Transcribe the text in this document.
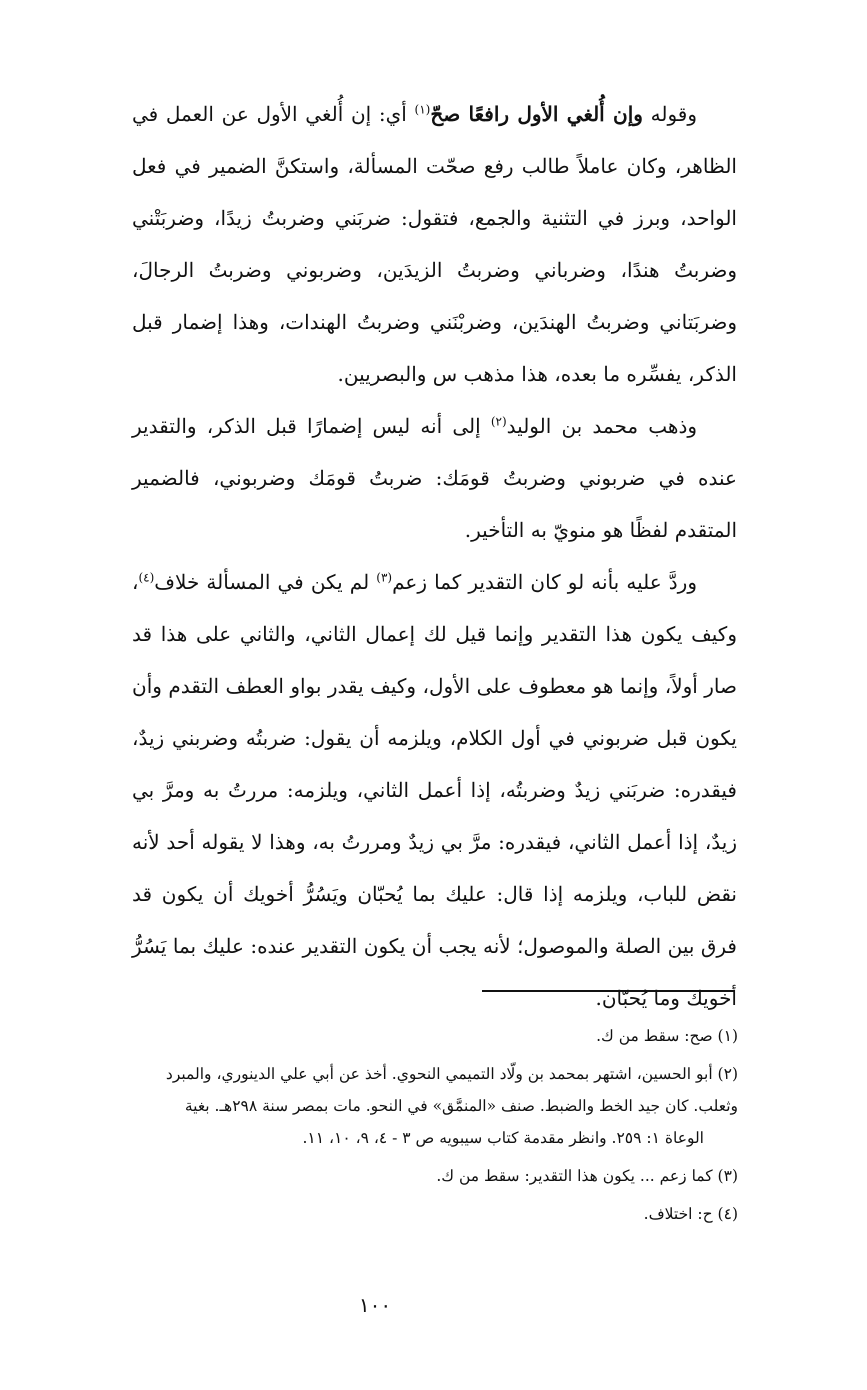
وقوله وإن أُلغي الأول رافعًا صحّ$^{(١)}$ أي: إن أُلغي الأول عن العمل في الظاهر، وكان عاملاً طالب رفع صحّت المسألة، واستكنَّ الضمير في فعل الواحد، وبرز في التثنية والجمع، فتقول: ضربَني وضربتُ زيدًا، وضربَتْني وضربتُ هندًا، وضرباني وضربتُ الزيدَين، وضربوني وضربتُ الرجالَ، وضربَتاني وضربتُ الهندَين، وضربْنَني وضربتُ الهندات، وهذا إضمار قبل الذكر، يفسِّره ما بعده، هذا مذهب س والبصريين.

وذهب محمد بن الوليد$^{(٢)}$ إلى أنه ليس إضمارًا قبل الذكر، والتقدير عنده في ضربوني وضربتُ قومَك: ضربتُ قومَك وضربوني، فالضمير المتقدم لفظًا هو منويّ به التأخير.

وردَّ عليه بأنه لو كان التقدير كما زعم$^{(٣)}$ لم يكن في المسألة خلاف$^{(٤)}$، وكيف يكون هذا التقدير وإنما قيل لك إعمال الثاني، والثاني على هذا قد صار أولاً، وإنما هو معطوف على الأول، وكيف يقدر بواو العطف التقدم وأن يكون قبل ضربوني في أول الكلام، ويلزمه أن يقول: ضربتُه وضربني زيدٌ، فيقدره: ضربَني زيدٌ وضربتُه، إذا أعمل الثاني، ويلزمه: مررتُ به ومرَّ بي زيدٌ، إذا أعمل الثاني، فيقدره: مرَّ بي زيدٌ ومررتُ به، وهذا لا يقوله أحد لأنه نقض للباب، ويلزمه إذا قال: عليك بما يُحبّان ويَسُرُّ أخويك أن يكون قد فرق بين الصلة والموصول؛ لأنه يجب أن يكون التقدير عنده: عليك بما يَسُرُّ أخويك وما يُحبّان.

(١) صح: سقط من ك.

(٢) أبو الحسين، اشتهر بمحمد بن ولّاد التميمي النحوي. أخذ عن أبي علي الدينوري، والمبرد
وثعلب. كان جيد الخط والضبط. صنف «المنمَّق» في النحو. مات بمصر سنة ٢٩٨هـ. بغية
الوعاة ١: ٢٥٩. وانظر مقدمة كتاب سيبويه ص ٣ - ٤، ٩، ١٠، ١١.

(٣) كما زعم ... يكون هذا التقدير: سقط من ك.

(٤) ح: اختلاف.

١٠٠
